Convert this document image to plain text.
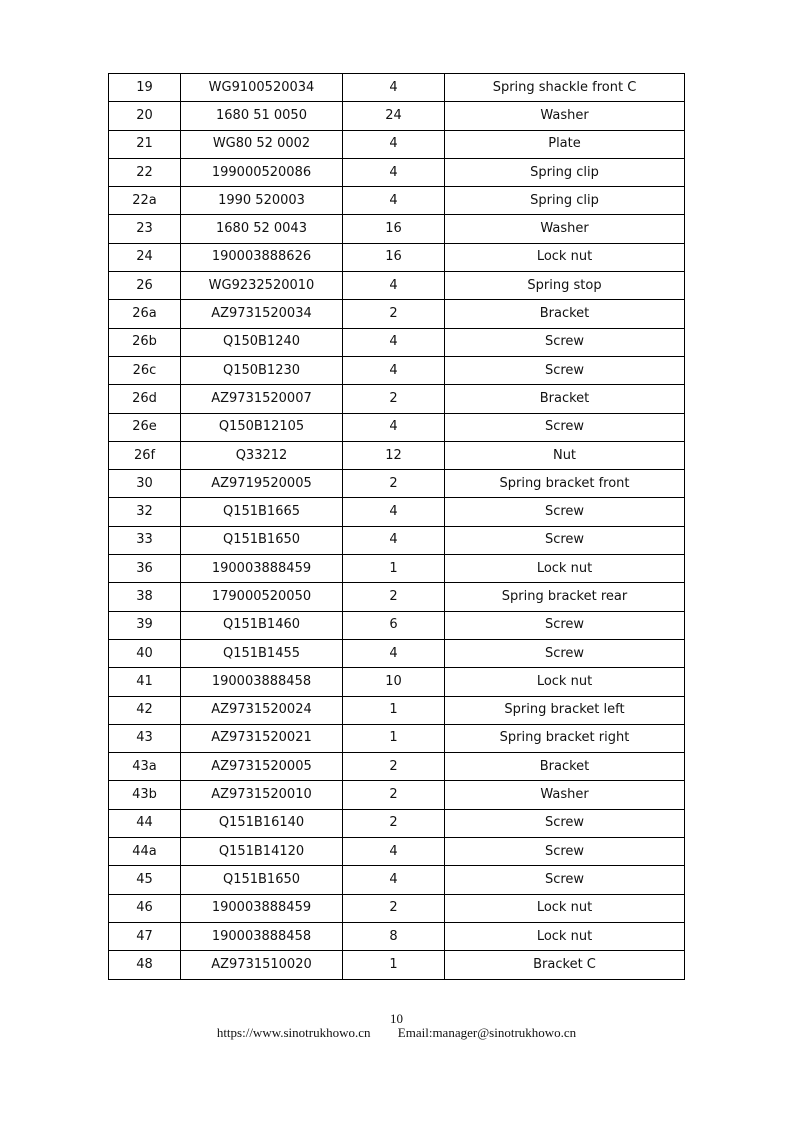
19	WG9100520034	4	Spring shackle front C
20	1680 51 0050	24	Washer
21	WG80 52 0002	4	Plate
22	199000520086	4	Spring clip
22a	1990 520003	4	Spring clip
23	1680 52 0043	16	Washer
24	190003888626	16	Lock nut
26	WG9232520010	4	Spring stop
26a	AZ9731520034	2	Bracket
26b	Q150B1240	4	Screw
26c	Q150B1230	4	Screw
26d	AZ9731520007	2	Bracket
26e	Q150B12105	4	Screw
26f	Q33212	12	Nut
30	AZ9719520005	2	Spring bracket front
32	Q151B1665	4	Screw
33	Q151B1650	4	Screw
36	190003888459	1	Lock nut
38	179000520050	2	Spring bracket rear
39	Q151B1460	6	Screw
40	Q151B1455	4	Screw
41	190003888458	10	Lock nut
42	AZ9731520024	1	Spring bracket left
43	AZ9731520021	1	Spring bracket right
43a	AZ9731520005	2	Bracket
43b	AZ9731520010	2	Washer
44	Q151B16140	2	Screw
44a	Q151B14120	4	Screw
45	Q151B1650	4	Screw
46	190003888459	2	Lock nut
47	190003888458	8	Lock nut
48	AZ9731510020	1	Bracket C
10
https://www.sinotrukhowo.cn Email:manager@sinotrukhowo.cn
